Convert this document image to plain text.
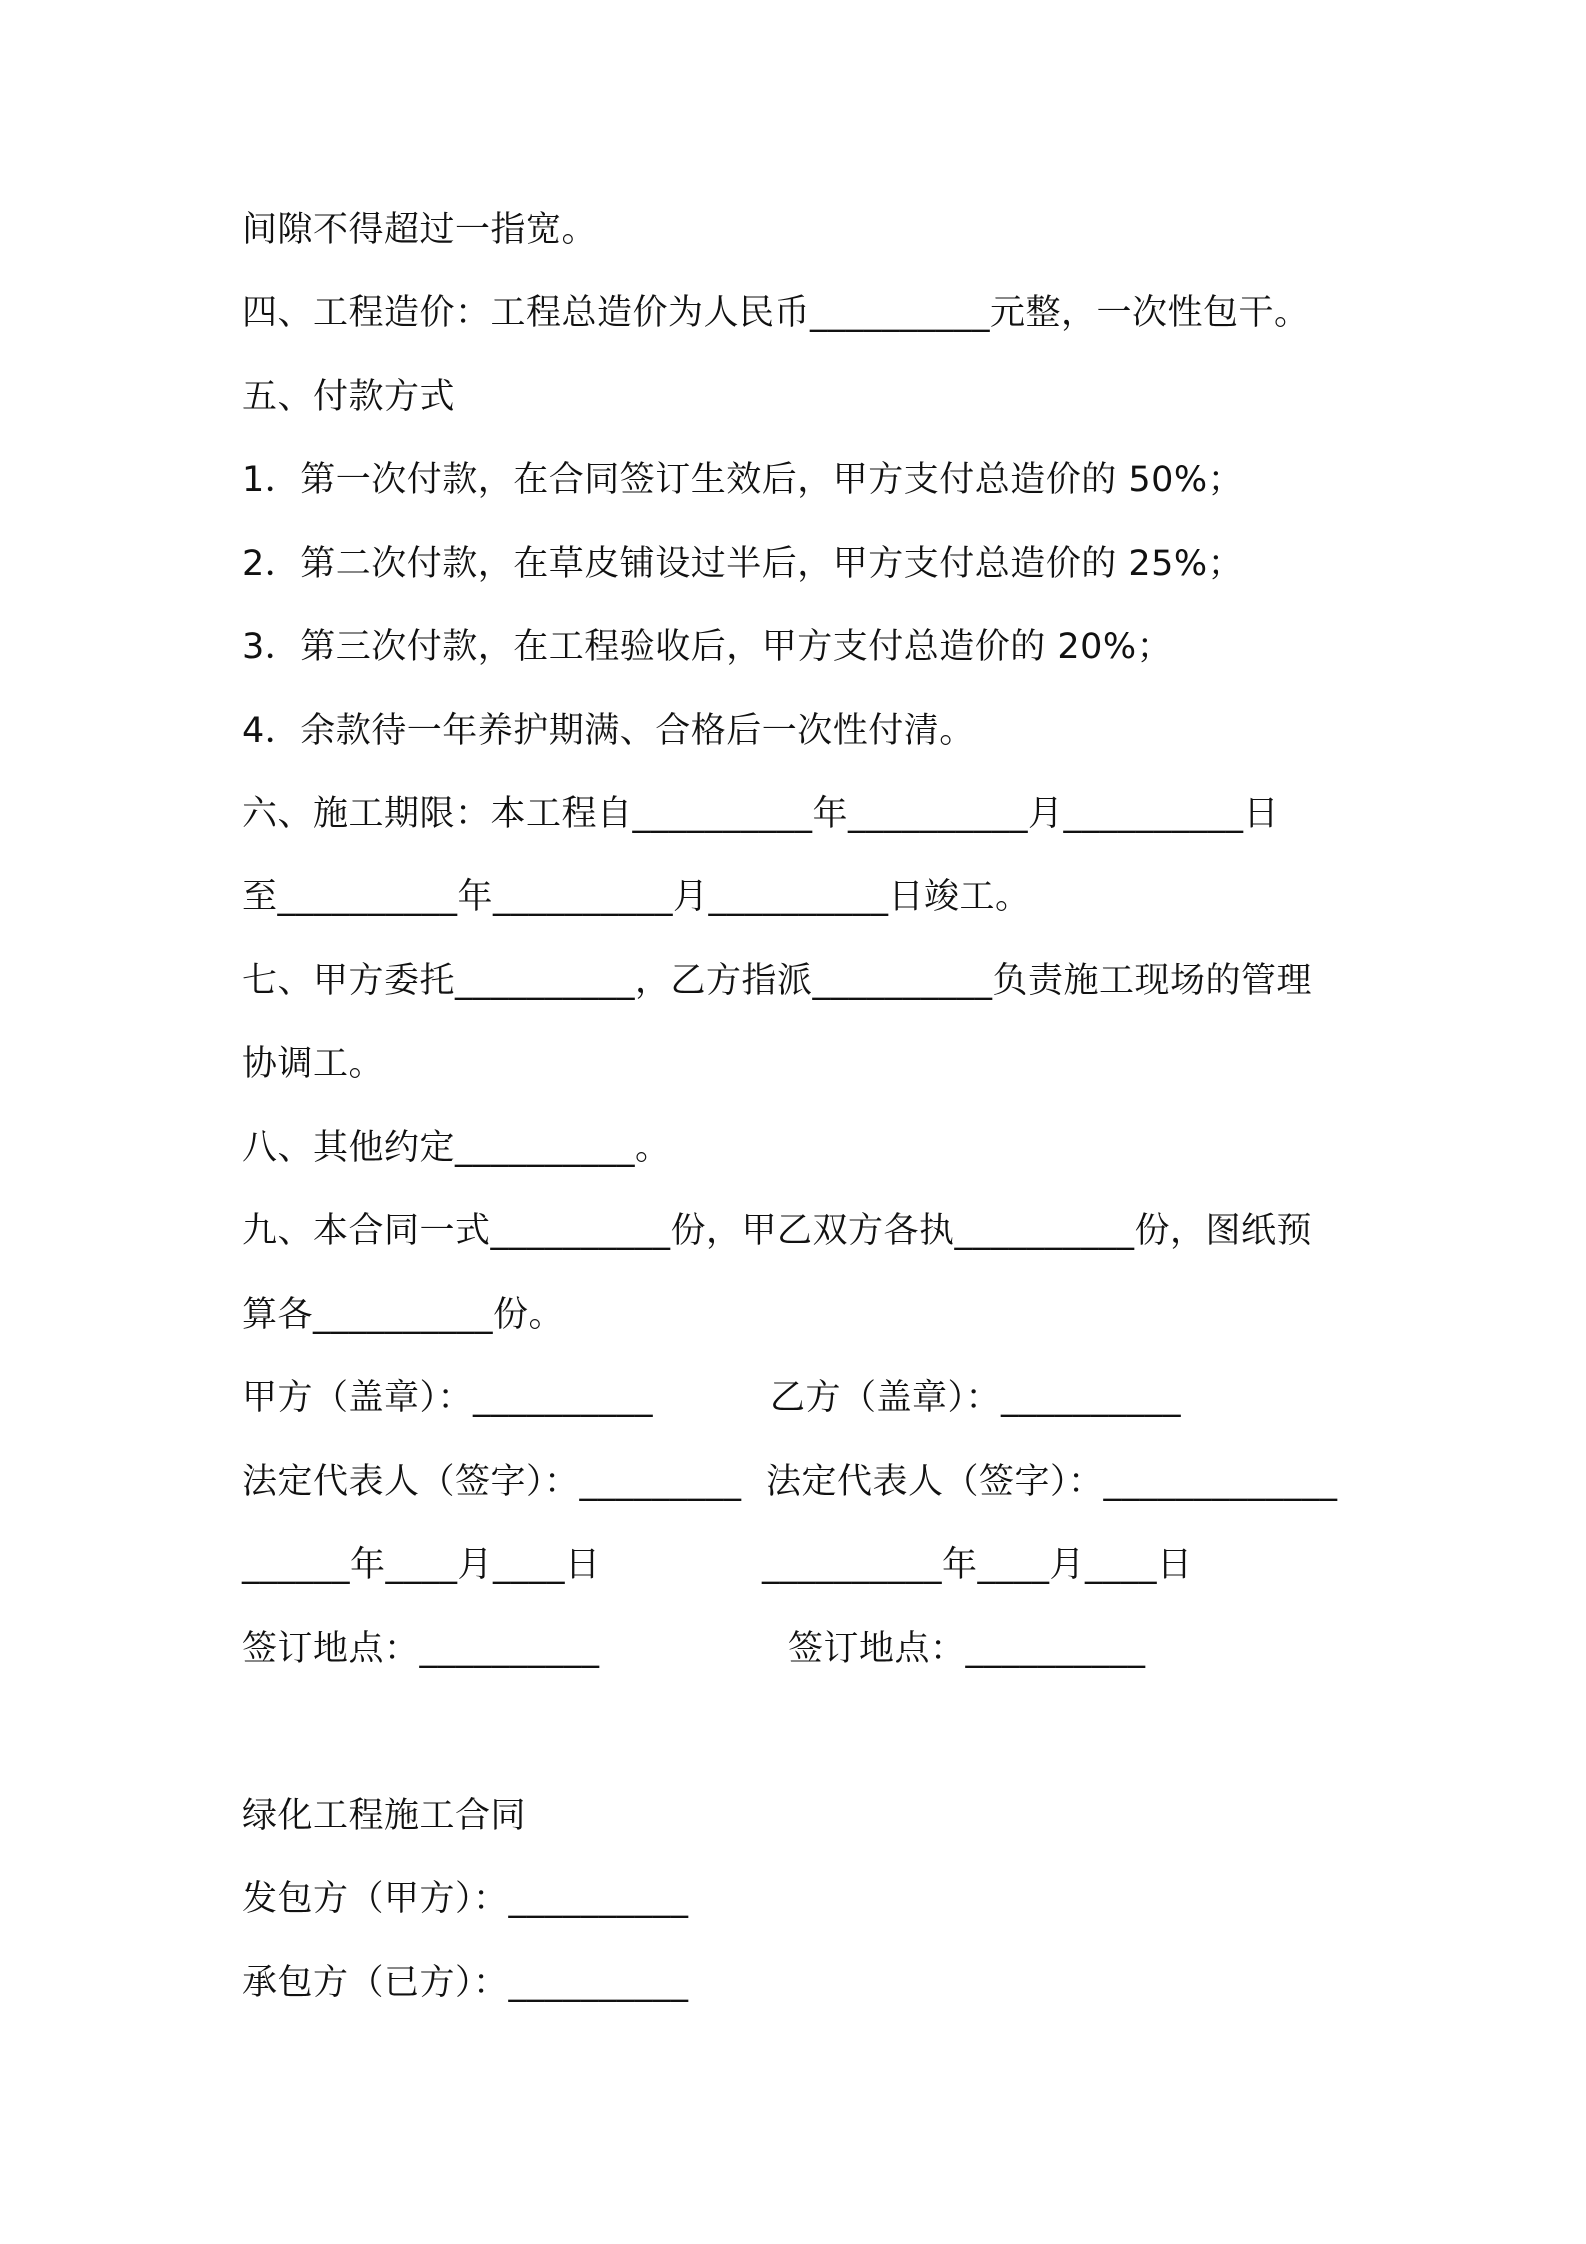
间隙不得超过一指宽。
四、工程造价：工程总造价为人民币__________元整，一次性包干。
五、付款方式
1．第一次付款，在合同签订生效后，甲方支付总造价的 50%；
2．第二次付款，在草皮铺设过半后，甲方支付总造价的 25%；
3．第三次付款，在工程验收后，甲方支付总造价的 20%；
4．余款待一年养护期满、合格后一次性付清。
六、施工期限：本工程自__________年__________月__________日
至__________年__________月__________日竣工。
七、甲方委托__________，乙方指派__________负责施工现场的管理
协调工。
八、其他约定__________。
九、本合同一式__________份，甲乙双方各执__________份，图纸预
算各__________份。
甲方（盖章）：__________	乙方（盖章）：__________
法定代表人（签字）：_________ 法定代表人（签字）：_____________
______年____月____日	__________年____月____日
签订地点：__________	签订地点：__________
绿化工程施工合同
发包方（甲方）：__________
承包方（已方）：__________
